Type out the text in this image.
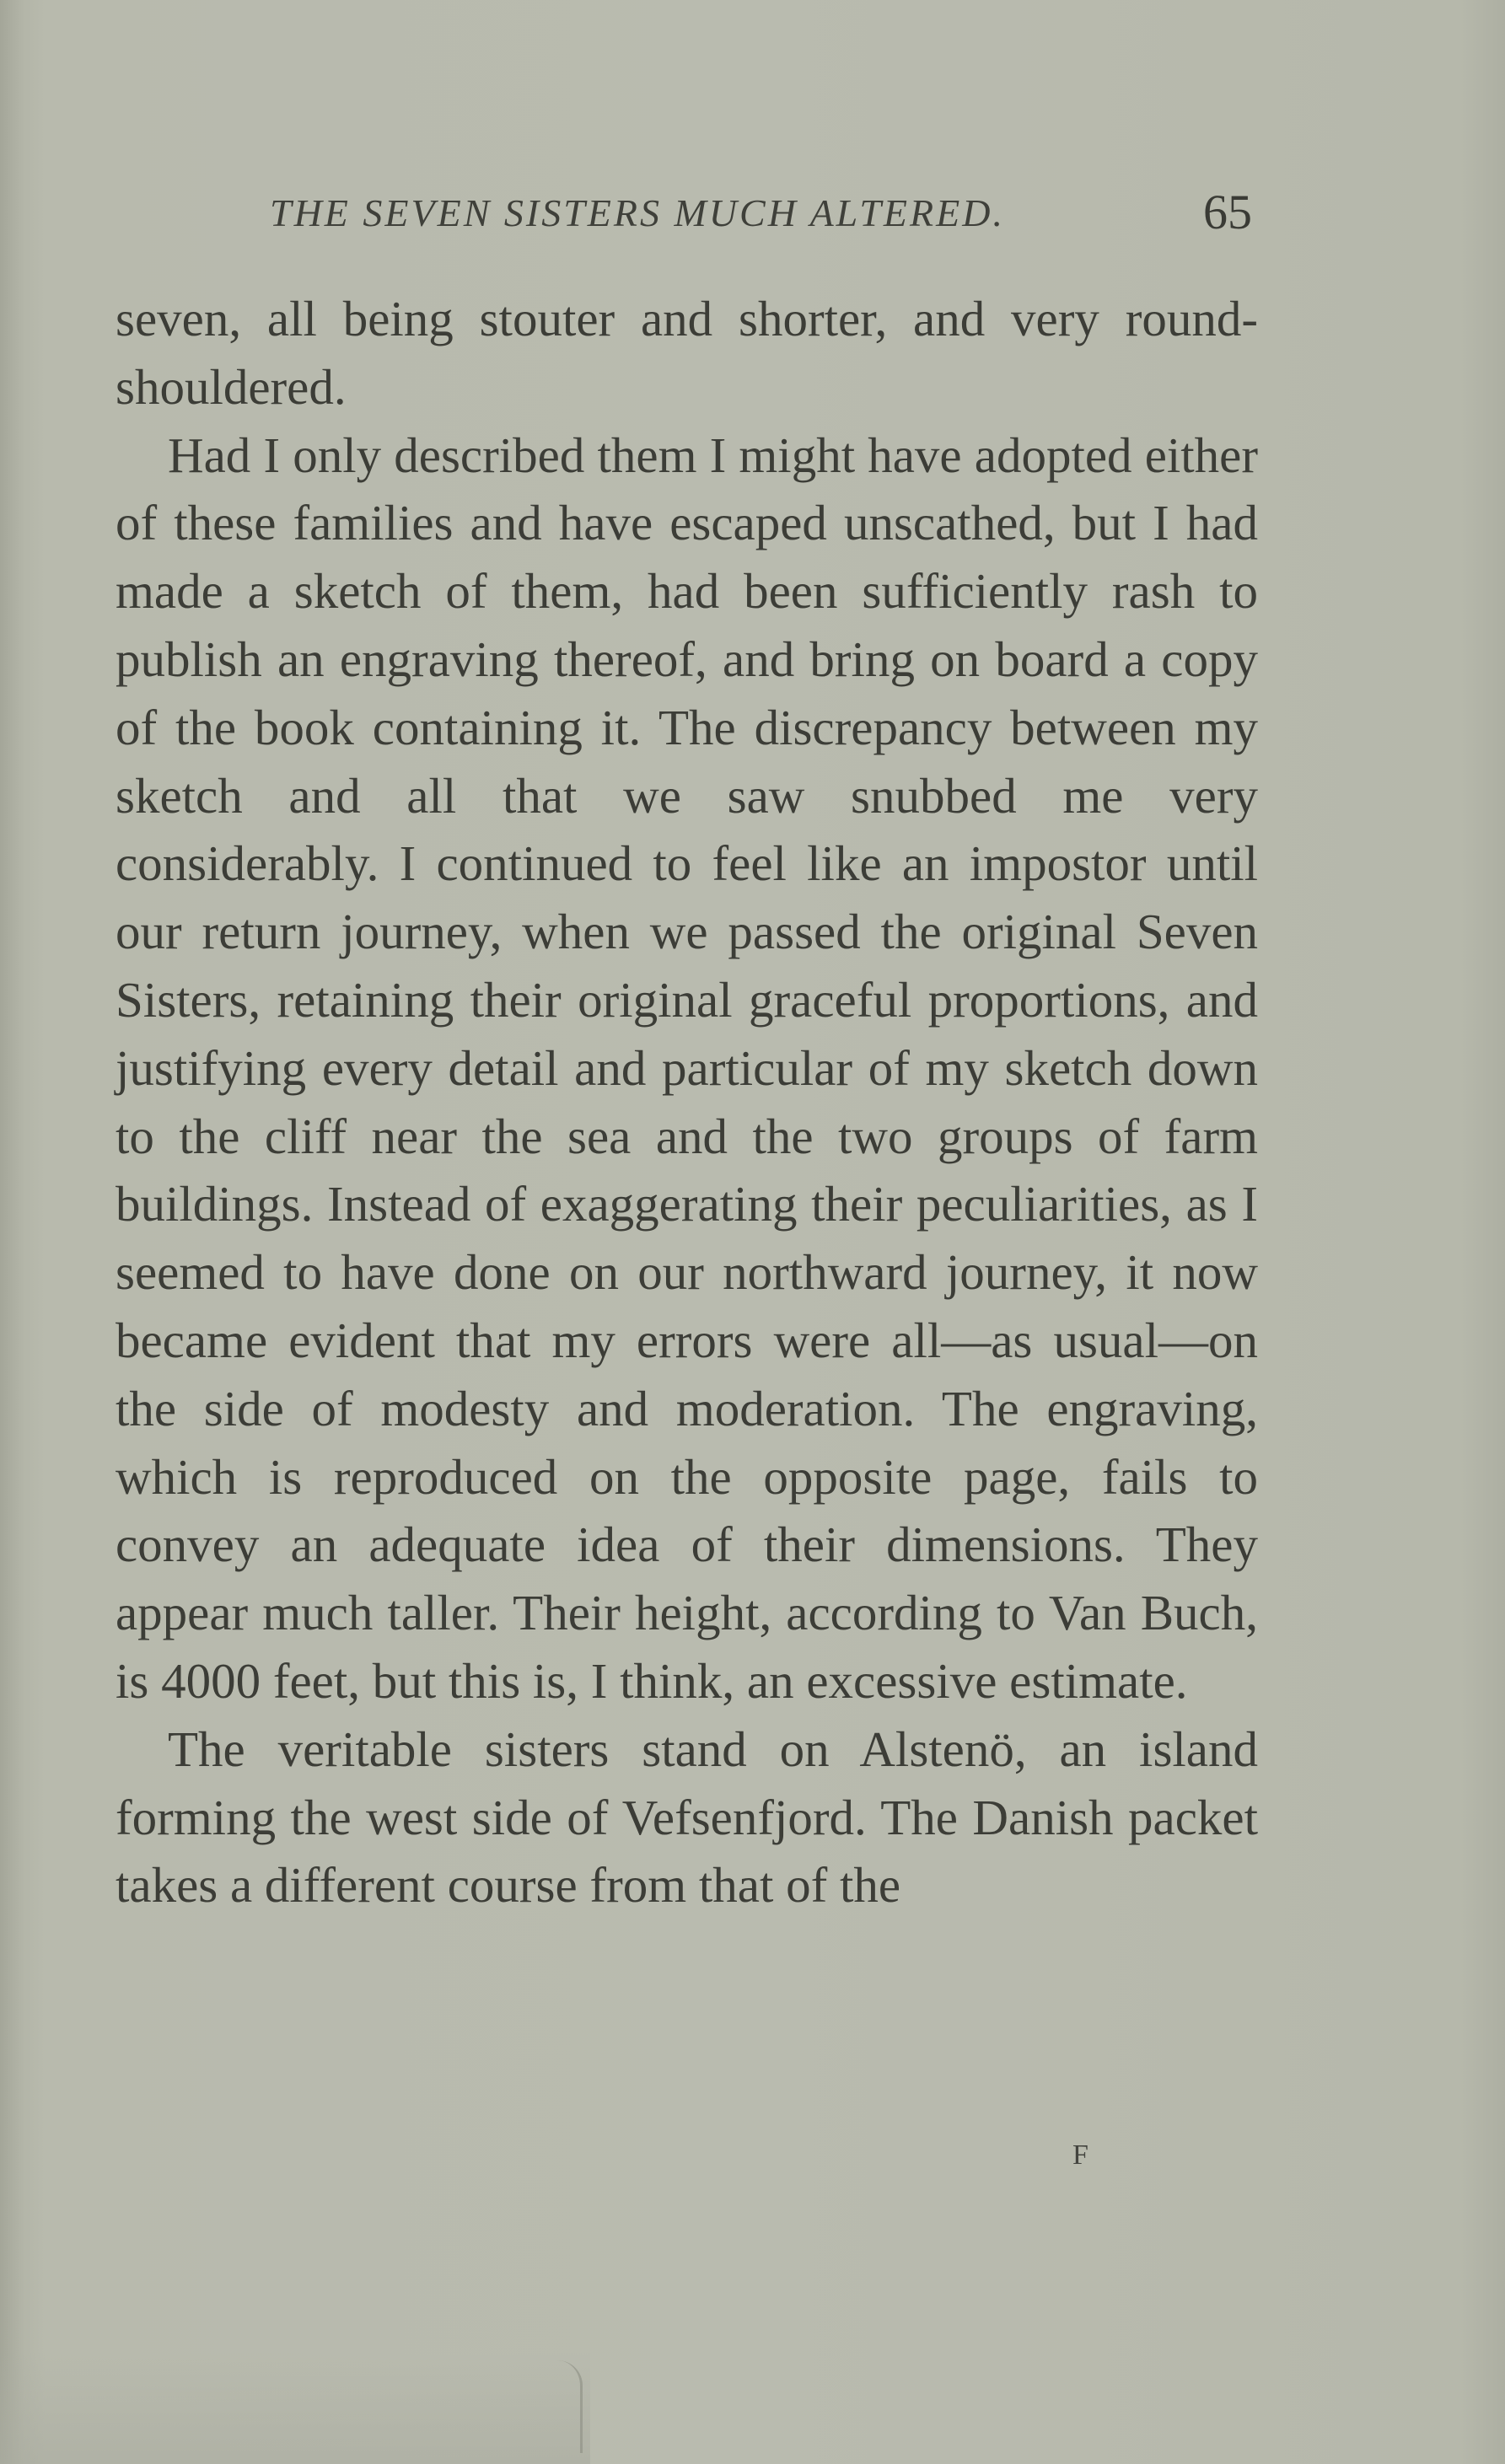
THE SEVEN SISTERS MUCH ALTERED.	65

seven, all being stouter and shorter, and very round-shouldered.

Had I only described them I might have adopted either of these families and have escaped unscathed, but I had made a sketch of them, had been sufficiently rash to publish an engraving thereof, and bring on board a copy of the book containing it. The discrepancy between my sketch and all that we saw snubbed me very considerably. I continued to feel like an impostor until our return journey, when we passed the original Seven Sisters, retaining their original graceful proportions, and justifying every detail and particular of my sketch down to the cliff near the sea and the two groups of farm buildings. Instead of exaggerating their peculiarities, as I seemed to have done on our northward journey, it now became evident that my errors were all—as usual—on the side of modesty and moderation. The engraving, which is reproduced on the opposite page, fails to convey an adequate idea of their dimensions. They appear much taller. Their height, according to Van Buch, is 4000 feet, but this is, I think, an excessive estimate.

The veritable sisters stand on Alstenö, an island forming the west side of Vefsenfjord. The Danish packet takes a different course from that of the

F
